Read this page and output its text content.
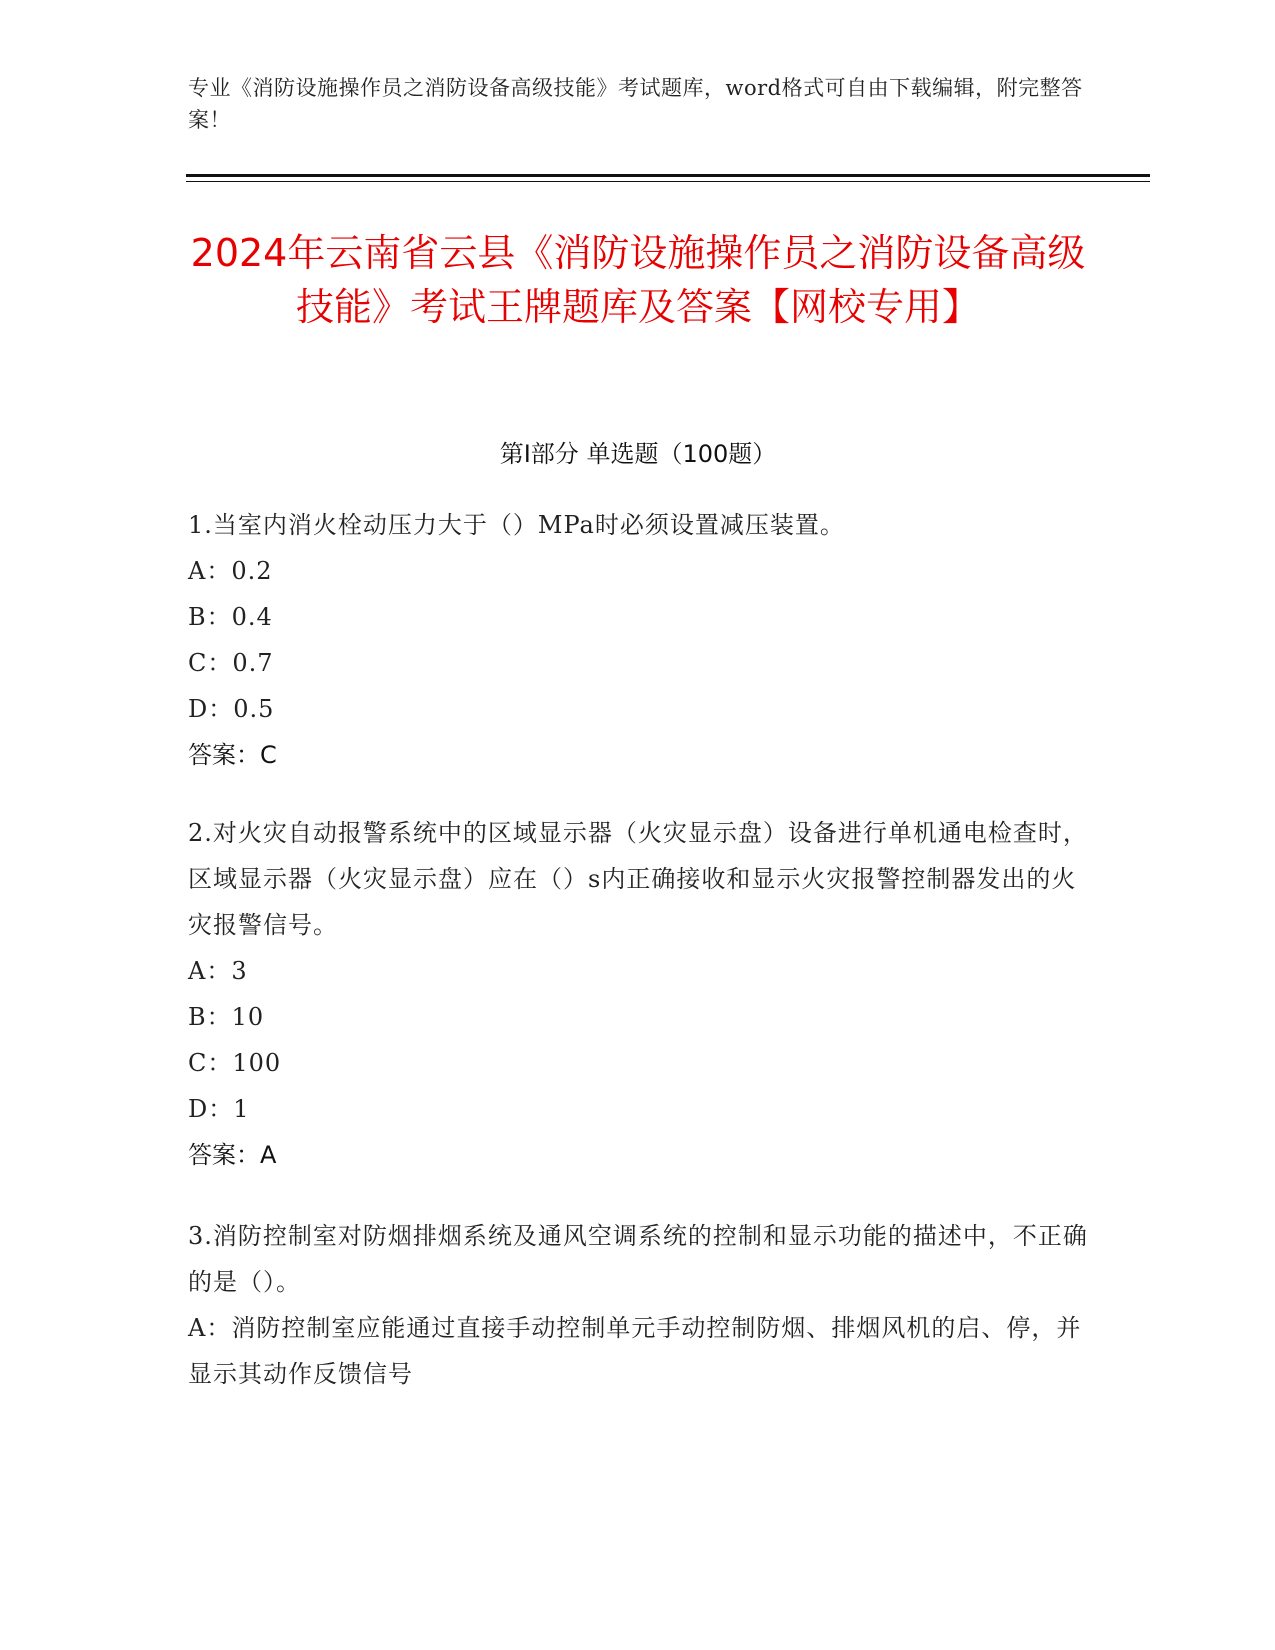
专业《消防设施操作员之消防设备高级技能》考试题库，word格式可自由下载编辑，附完整答案！
2024年云南省云县《消防设施操作员之消防设备高级技能》考试王牌题库及答案【网校专用】
第Ⅰ部分 单选题（100题）
1.当室内消火栓动压力大于（）MPa时必须设置减压装置。
A：0.2
B：0.4
C：0.7
D：0.5
答案：C
2.对火灾自动报警系统中的区域显示器（火灾显示盘）设备进行单机通电检查时，区域显示器（火灾显示盘）应在（）s内正确接收和显示火灾报警控制器发出的火灾报警信号。
A：3
B：10
C：100
D：1
答案：A
3.消防控制室对防烟排烟系统及通风空调系统的控制和显示功能的描述中，不正确的是（）。
A：消防控制室应能通过直接手动控制单元手动控制防烟、排烟风机的启、停，并显示其动作反馈信号
